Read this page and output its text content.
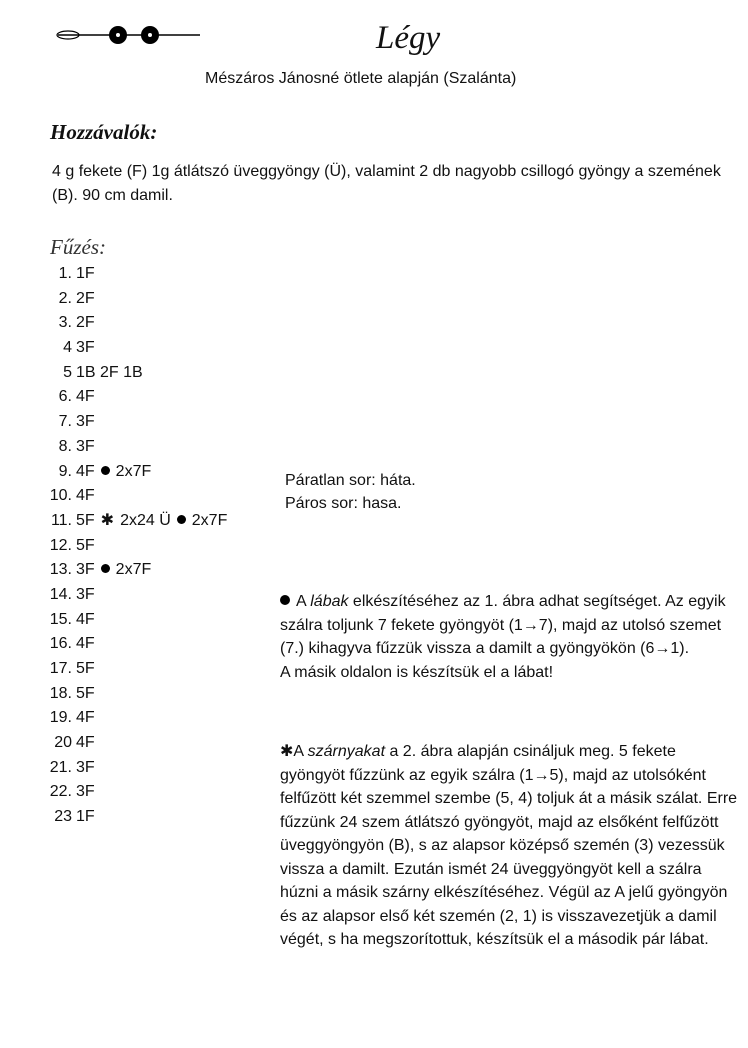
Légy
Mészáros Jánosné ötlete alapján (Szalánta)
Hozzávalók:
4 g fekete (F) 1g átlátszó üveggyöngy (Ü), valamint 2 db nagyobb csillogó gyöngy a szemének (B). 90 cm damil.
Fűzés:
1. 1F
2. 2F
3. 2F
4 3F
5 1B 2F 1B
6. 4F
7. 3F
8. 3F
9. 4F 2x7F
10. 4F
11. 5F ✱ 2x24 Ü 2x7F
12. 5F
13. 3F 2x7F
14. 3F
15. 4F
16. 4F
17. 5F
18. 5F
19. 4F
20 4F
21. 3F
22. 3F
23 1F
Páratlan sor: háta.
Páros sor: hasa.

A lábak elkészítéséhez az 1. ábra adhat segítséget. Az egyik szálra toljunk 7 fekete gyöngyöt (1→7), majd az utolsó szemet (7.) kihagyva fűzzük vissza a damilt a gyöngyökön (6→1).

A másik oldalon is készítsük el a lábat!

✱A szárnyakat a 2. ábra alapján csináljuk meg. 5 fekete gyöngyöt fűzzünk az egyik szálra (1→5), majd az utolsóként felfűzött két szemmel szembe (5, 4) toljuk át a másik szálat. Erre fűzzünk 24 szem átlátszó gyöngyöt, majd az elsőként felfűzött üveggyöngyön (B), s az alapsor középső szemén (3) vezessük vissza a damilt. Ezután ismét 24 üveggyöngyöt kell a szálra húzni a másik szárny elkészítéséhez. Végül az A jelű gyöngyön és az alapsor első két szemén (2, 1) is visszavezetjük a damil végét, s ha megszorítottuk, készítsük el a második pár lábat.
